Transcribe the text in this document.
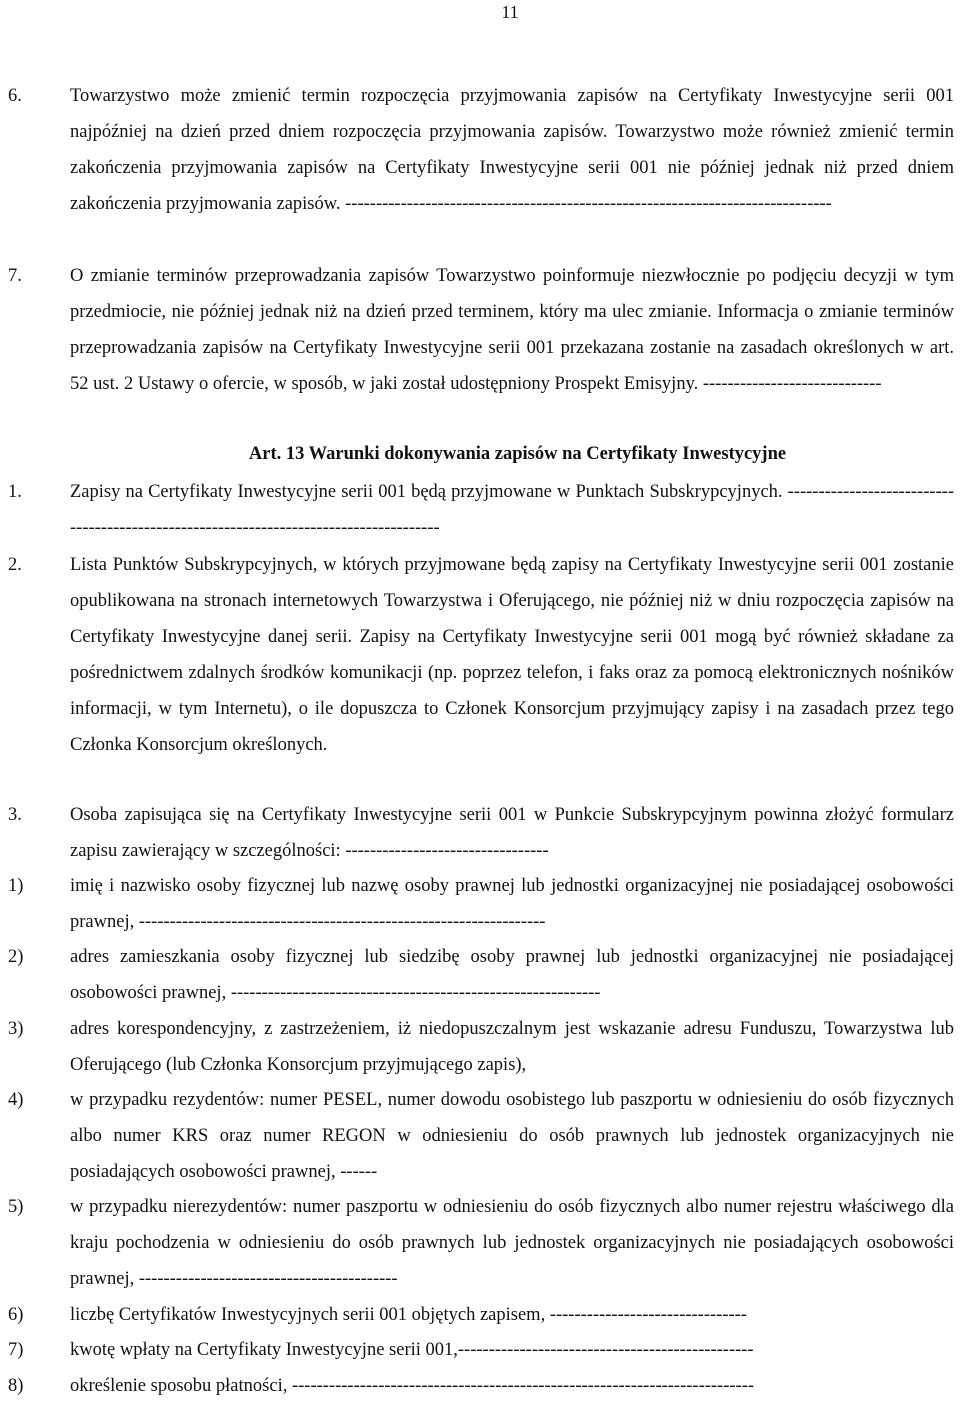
11
6.	Towarzystwo może zmienić termin rozpoczęcia przyjmowania zapisów na Certyfikaty Inwestycyjne serii 001 najpóźniej na dzień przed dniem rozpoczęcia przyjmowania zapisów. Towarzystwo może również zmienić termin zakończenia przyjmowania zapisów na Certyfikaty Inwestycyjne serii 001 nie później jednak niż przed dniem zakończenia przyjmowania zapisów. -------------------------------------------------------------------------------
7.	O zmianie terminów przeprowadzania zapisów Towarzystwo poinformuje niezwłocznie po podjęciu decyzji w tym przedmiocie, nie później jednak niż na dzień przed terminem, który ma ulec zmianie. Informacja o zmianie terminów przeprowadzania zapisów na Certyfikaty Inwestycyjne serii 001 przekazana zostanie na zasadach określonych w art. 52 ust. 2 Ustawy o ofercie, w sposób, w jaki został udostępniony Prospekt Emisyjny. -----------------------------
Art. 13 Warunki dokonywania zapisów na Certyfikaty Inwestycyjne
1.	Zapisy na Certyfikaty Inwestycyjne serii 001 będą przyjmowane w Punktach Subskrypcyjnych. ---------------------------------------------------------------------------------------
2.	Lista Punktów Subskrypcyjnych, w których przyjmowane będą zapisy na Certyfikaty Inwestycyjne serii 001 zostanie opublikowana na stronach internetowych Towarzystwa i Oferującego, nie później niż w dniu rozpoczęcia zapisów na Certyfikaty Inwestycyjne danej serii. Zapisy na Certyfikaty Inwestycyjne serii 001 mogą być również składane za pośrednictwem zdalnych środków komunikacji (np. poprzez telefon, i faks oraz za pomocą elektronicznych nośników informacji, w tym Internetu), o ile dopuszcza to Członek Konsorcjum przyjmujący zapisy i na zasadach przez tego Członka Konsorcjum określonych.
3.	Osoba zapisująca się na Certyfikaty Inwestycyjne serii 001 w Punkcie Subskrypcyjnym powinna złożyć formularz zapisu zawierający w szczególności: ---------------------------------
1)	imię i nazwisko osoby fizycznej lub nazwę osoby prawnej lub jednostki organizacyjnej nie posiadającej osobowości prawnej, ------------------------------------------------------------------
2)	adres zamieszkania osoby fizycznej lub siedzibę osoby prawnej lub jednostki organizacyjnej nie posiadającej osobowości prawnej, ------------------------------------------------------------
3)	adres korespondencyjny, z zastrzeżeniem, iż niedopuszczalnym jest wskazanie adresu Funduszu, Towarzystwa lub Oferującego (lub Członka Konsorcjum przyjmującego zapis),
4)	w przypadku rezydentów: numer PESEL, numer dowodu osobistego lub paszportu w odniesieniu do osób fizycznych albo numer KRS oraz numer REGON w odniesieniu do osób prawnych lub jednostek organizacyjnych nie posiadających osobowości prawnej, ------
5)	w przypadku nierezydentów: numer paszportu w odniesieniu do osób fizycznych albo numer rejestru właściwego dla kraju pochodzenia w odniesieniu do osób prawnych lub jednostek organizacyjnych nie posiadających osobowości prawnej, ------------------------------------------
6)	liczbę Certyfikatów Inwestycyjnych serii 001 objętych zapisem, --------------------------------
7)	kwotę wpłaty na Certyfikaty Inwestycyjne serii 001,------------------------------------------------
8)	określenie sposobu płatności, ---------------------------------------------------------------------------
